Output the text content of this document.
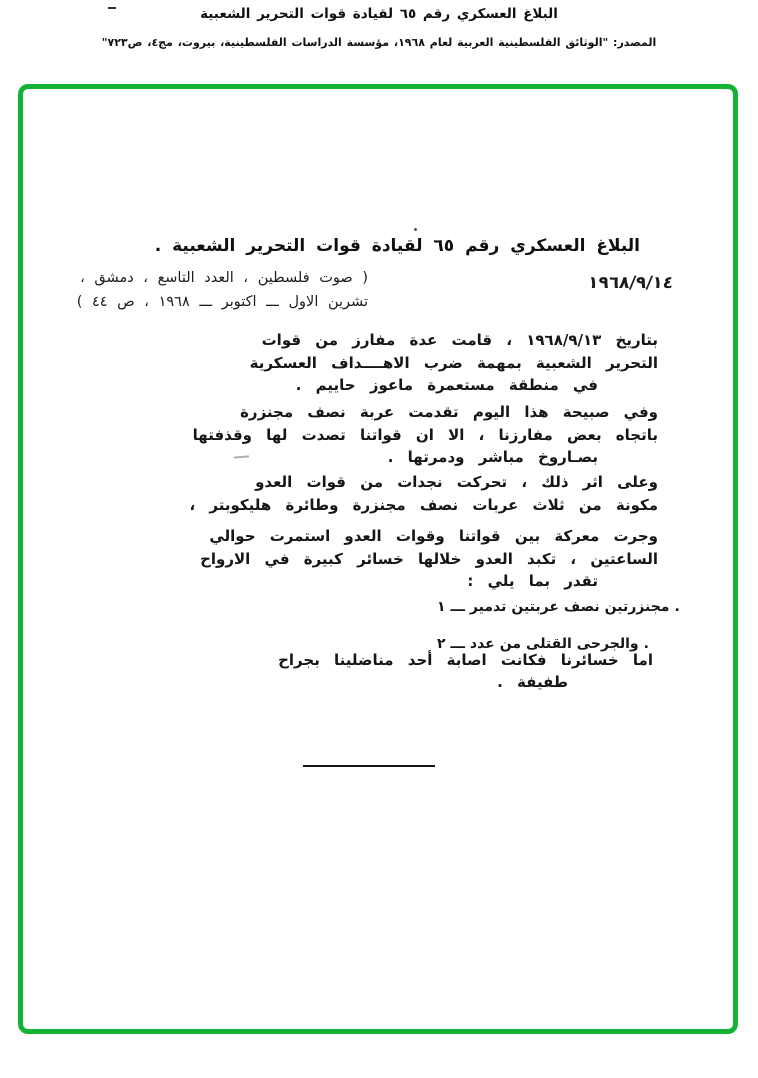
البلاغ العسكري رقم ٦٥ لقيادة قوات التحرير الشعبية
المصدر: "الوثائق الفلسطينية العربية لعام ١٩٦٨، مؤسسة الدراسات الفلسطينية، بيروت، مج٤، ص٧٢٣"
البلاغ العسكري رقم ٦٥ لقيادة قوات التحرير الشعبية .
١٩٦٨/٩/١٤
( صوت فلسطين ، العدد التاسع ، دمشق ،
تشرين الاول ـــ اكتوبر ـــ ١٩٦٨ ، ص ٤٤ )
بتاريخ ١٩٦٨/٩/١٣ ، قامت عدة مفارز من قوات
التحرير الشعبية بمهمة ضرب الاهــــداف العسكرية
في منطقة مستعمرة ماعوز حاييم .
وفي صبيحة هذا اليوم تقدمت عربة نصف مجنزرة
باتجاه بعض مفارزنا ، الا ان قواتنا تصدت لها وقذفتها
بصـاروخ مباشر ودمرتها .
وعلى اثر ذلك ، تحركت نجدات من قوات العدو
مكونة من ثلاث عربات نصف مجنزرة وطائرة هليكوبتر ،
وجرت معركة بين قواتنا وقوات العدو استمرت حوالي
الساعتين ، تكبد العدو خلالها خسائر كبيرة في الارواح
تقدر بما يلي :
١ ـــ تدمير عربتين نصف مجنزرتين .
٢ ـــ عدد من القتلى والجرحى .
اما خسائرنا فكانت اصابة أحد مناضلينا بجراح
طفيفة .
